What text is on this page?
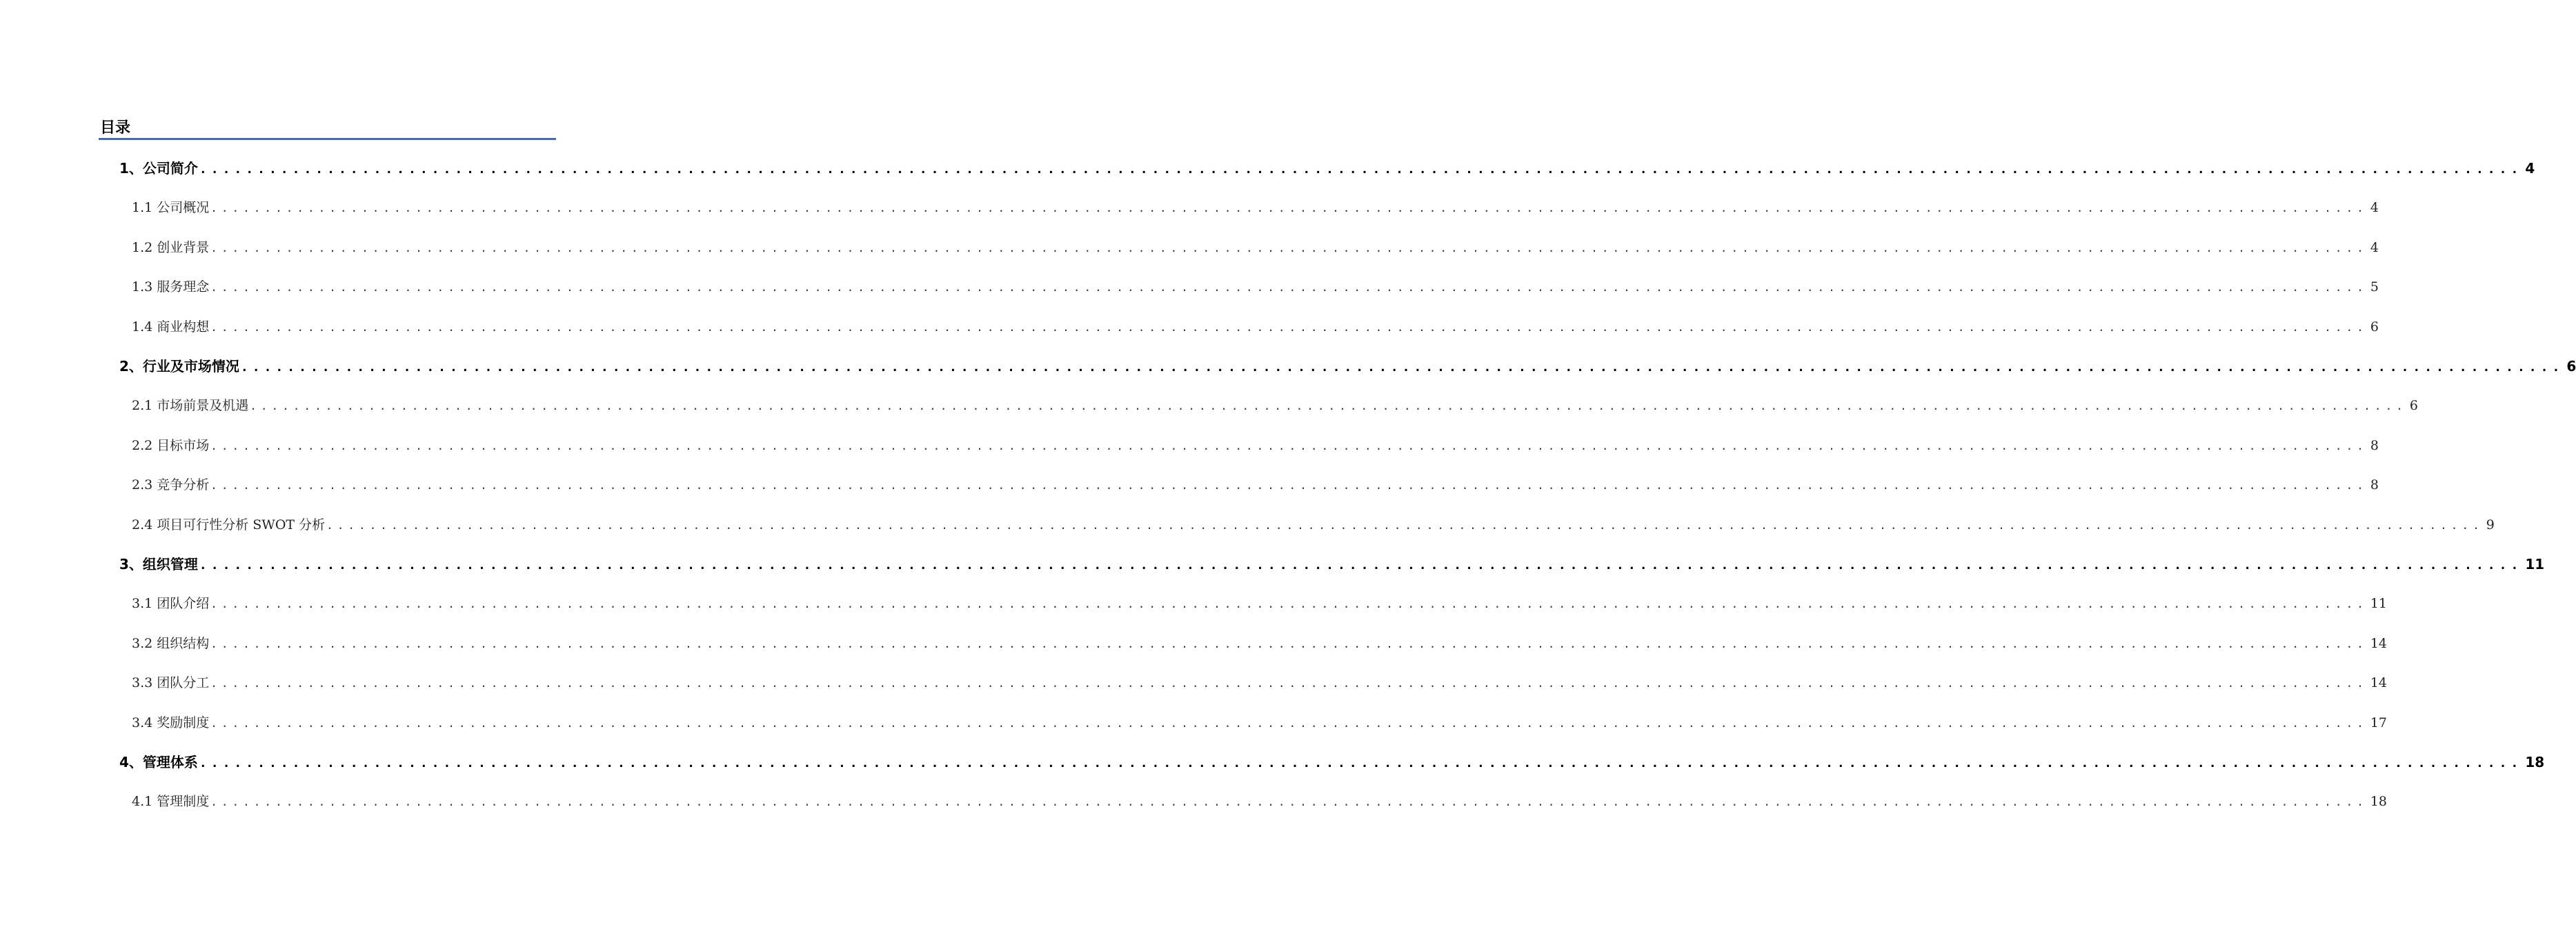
目录
1、公司简介 ........................................................................................................................................................................................................ 4
1.1 公司概况 ........................................................................................................................................................................................................ 4
1.2 创业背景 ........................................................................................................................................................................................................ 4
1.3 服务理念 ........................................................................................................................................................................................................ 5
1.4 商业构想 ........................................................................................................................................................................................................ 6
2、行业及市场情况 ........................................................................................................................................................................................................ 6
2.1 市场前景及机遇 ........................................................................................................................................................................................................ 6
2.2 目标市场 ........................................................................................................................................................................................................ 8
2.3 竞争分析 ........................................................................................................................................................................................................ 8
2.4 项目可行性分析 SWOT 分析 ........................................................................................................................................................................................................ 9
3、组织管理 ........................................................................................................................................................................................................ 11
3.1 团队介绍 ........................................................................................................................................................................................................ 11
3.2 组织结构 ........................................................................................................................................................................................................ 14
3.3 团队分工 ........................................................................................................................................................................................................ 14
3.4 奖励制度 ........................................................................................................................................................................................................ 17
4、管理体系 ........................................................................................................................................................................................................ 18
4.1 管理制度 ........................................................................................................................................................................................................ 18
